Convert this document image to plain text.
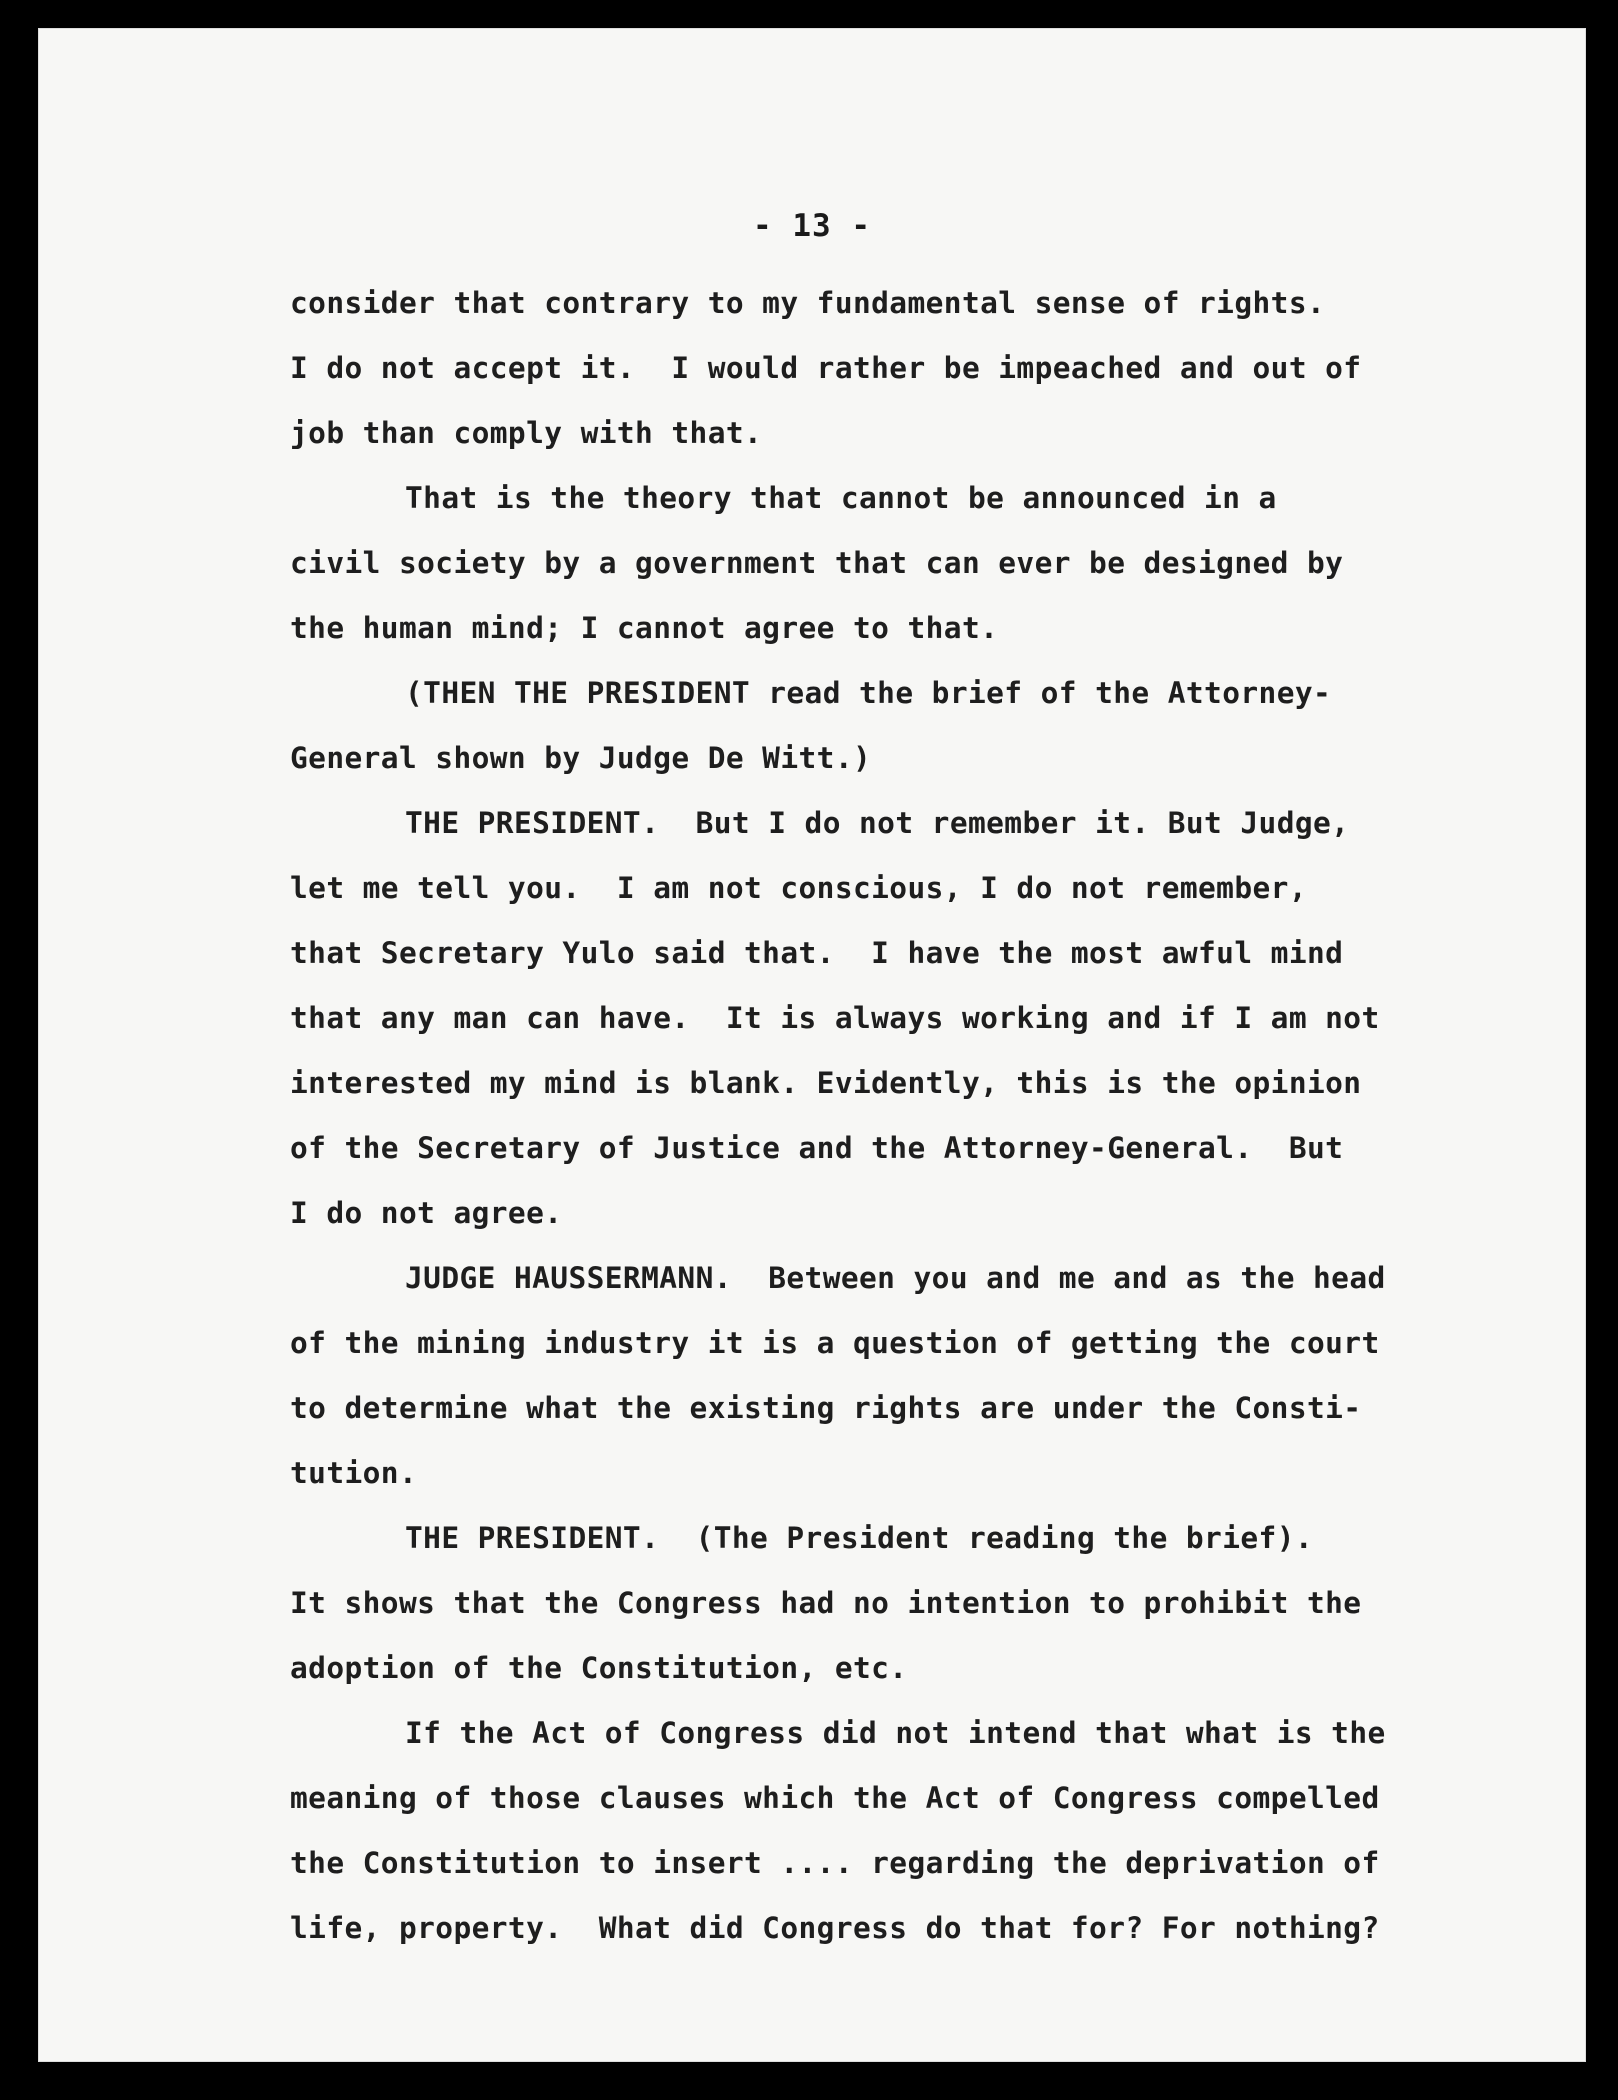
- 13 -
consider that contrary to my fundamental sense of rights.
I do not accept it.  I would rather be impeached and out of
job than comply with that.
That is the theory that cannot be announced in a
civil society by a government that can ever be designed by
the human mind; I cannot agree to that.
(THEN THE PRESIDENT read the brief of the Attorney-
General shown by Judge De Witt.)
THE PRESIDENT.  But I do not remember it. But Judge,
let me tell you.  I am not conscious, I do not remember,
that Secretary Yulo said that.  I have the most awful mind
that any man can have.  It is always working and if I am not
interested my mind is blank. Evidently, this is the opinion
of the Secretary of Justice and the Attorney-General.  But
I do not agree.
JUDGE HAUSSERMANN.  Between you and me and as the head
of the mining industry it is a question of getting the court
to determine what the existing rights are under the Consti-
tution.
THE PRESIDENT.  (The President reading the brief).
It shows that the Congress had no intention to prohibit the
adoption of the Constitution, etc.
If the Act of Congress did not intend that what is the
meaning of those clauses which the Act of Congress compelled
the Constitution to insert .... regarding the deprivation of
life, property.  What did Congress do that for? For nothing?
